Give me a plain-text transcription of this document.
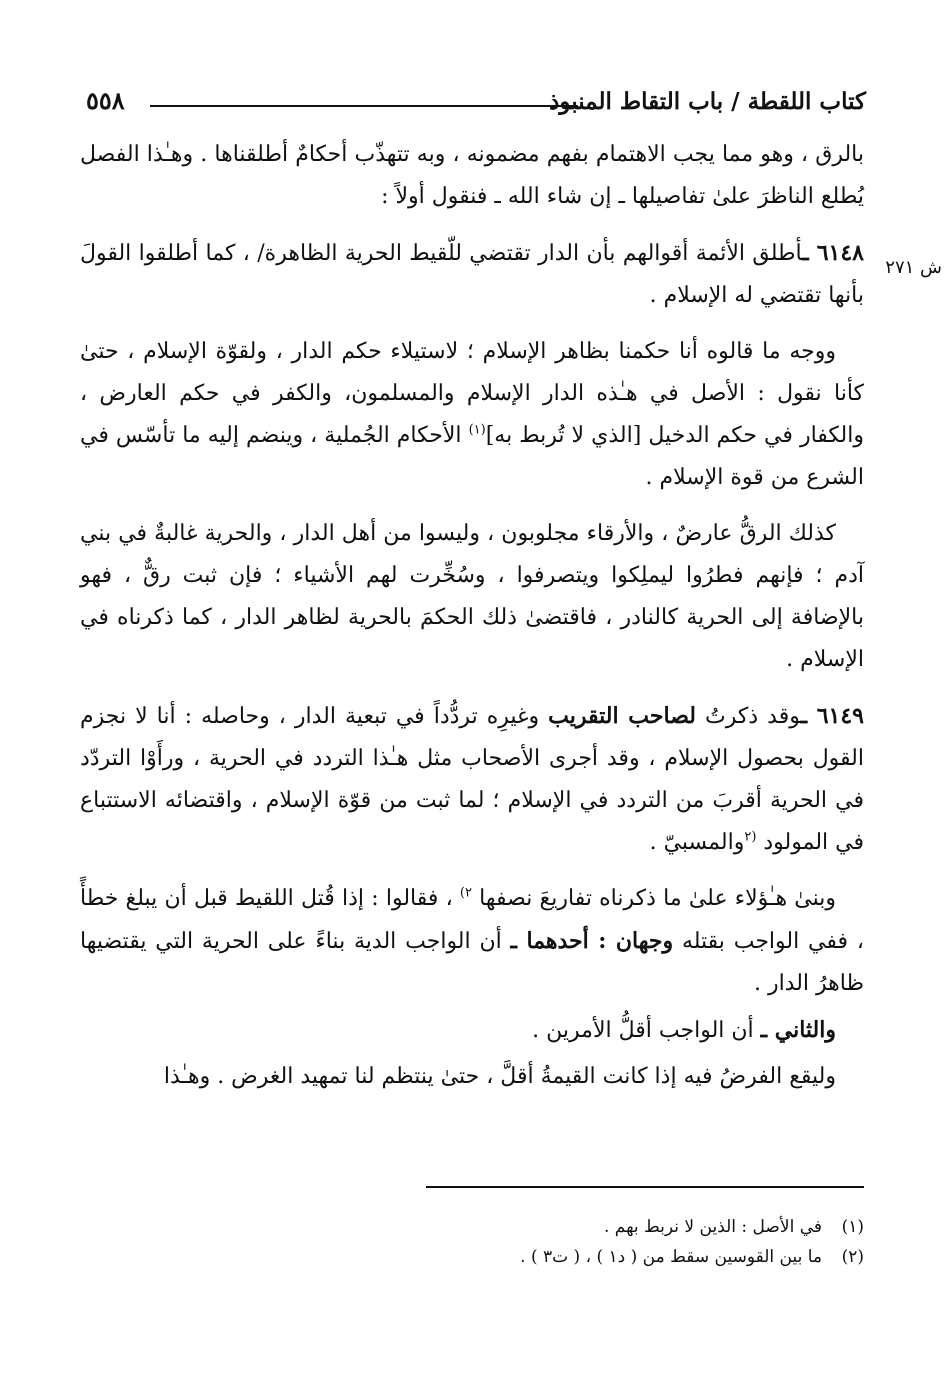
كتاب اللقطة / باب التقاط المنبوذ
٥٥٨
ش ٢٧١

بالرق ، وهو مما يجب الاهتمام بفهم مضمونه ، وبه تتهذّب أحكامٌ أطلقناها . وهـٰذا الفصل يُطلع الناظرَ علىٰ تفاصيلها ـ إن شاء الله ـ فنقول أولاً :

٦١٤٨ ـأطلق الأئمة أقوالهم بأن الدار تقتضي للّقيط الحرية الظاهرة/ ، كما أطلقوا القولَ بأنها تقتضي له الإسلام .

ووجه ما قالوه أنا حكمنا بظاهر الإسلام ؛ لاستيلاء حكم الدار ، ولقوّة الإسلام ، حتىٰ كأنا نقول : الأصل في هـٰذه الدار الإسلام والمسلمون، والكفر في حكم العارض ، والكفار في حكم الدخيل [الذي لا تُربط به]$^{(١)}$ الأحكام الجُملية ، وينضم إليه ما تأسّس في الشرع من قوة الإسلام .

كذلك الرقُّ عارضٌ ، والأرقاء مجلوبون ، وليسوا من أهل الدار ، والحرية غالبةٌ في بني آدم ؛ فإنهم فطرُوا ليملِكوا ويتصرفوا ، وسُخِّرت لهم الأشياء ؛ فإن ثبت رقٌّ ، فهو بالإضافة إلى الحرية كالنادر ، فاقتضىٰ ذلك الحكمَ بالحرية لظاهر الدار ، كما ذكرناه في الإسلام .

٦١٤٩ ـوقد ذكرتُ لصاحب التقريب وغيرِه تردُّداً في تبعية الدار ، وحاصله : أنا لا نجزم القول بحصول الإسلام ، وقد أجرى الأصحاب مثل هـٰذا التردد في الحرية ، ورأَوْا التردّد في الحرية أقربَ من التردد في الإسلام ؛ لما ثبت من قوّة الإسلام ، واقتضائه الاستتباع في المولود $^{(٢}$والمسبيّ .

وبنىٰ هـٰؤلاء علىٰ ما ذكرناه تفاريعَ نصفها $^{٢)}$ ، فقالوا : إذا قُتل اللقيط قبل أن يبلغ خطأً ، ففي الواجب بقتله وجهان : أحدهما ـ أن الواجب الدية بناءً على الحرية التي يقتضيها ظاهرُ الدار .

والثاني ـ أن الواجب أقلُّ الأمرين .

وليقع الفرضُ فيه إذا كانت القيمةُ أقلَّ ، حتىٰ ينتظم لنا تمهيد الغرض . وهـٰذا

(١)في الأصل : الذين لا نربط بهم .
(٢)ما بين القوسين سقط من ( د١ ) ، ( ت٣ ) .
